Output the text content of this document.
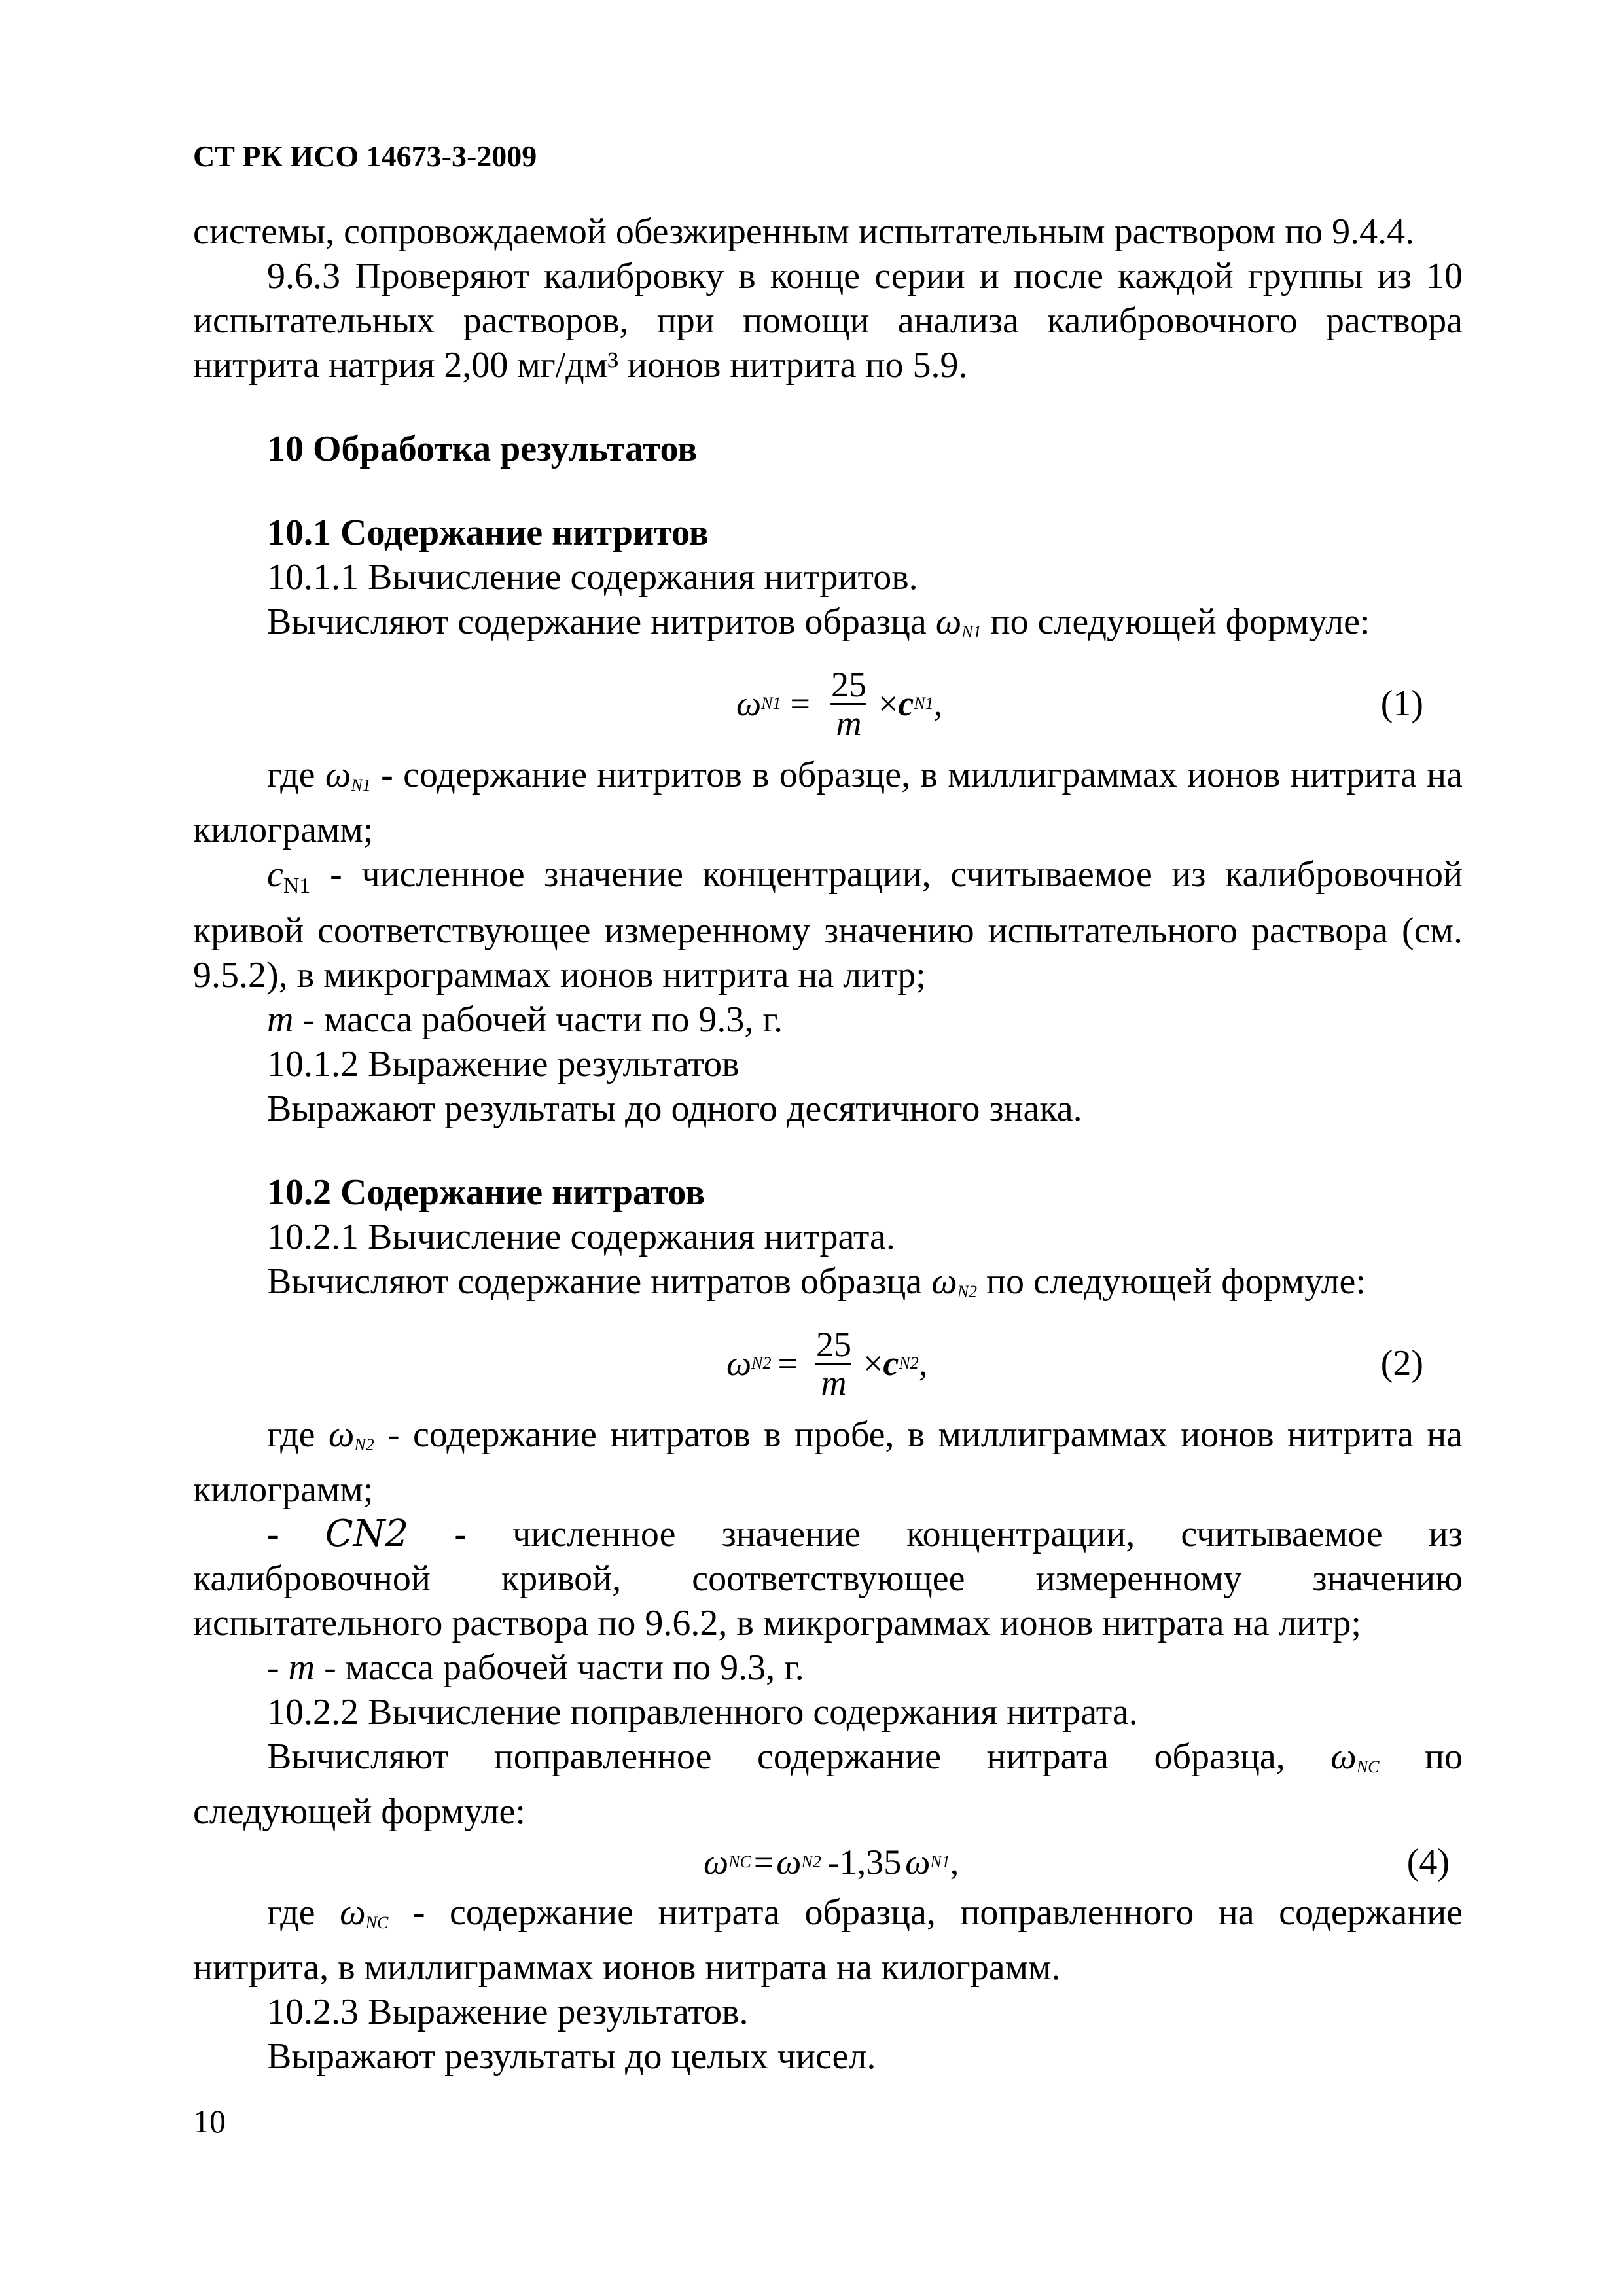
СТ РК ИСО 14673-3-2009

системы, сопровождаемой обезжиренным испытательным раствором по 9.4.4.

9.6.3 Проверяют калибровку в конце серии и после каждой группы из 10 испытательных растворов, при помощи анализа калибровочного раствора нитрита натрия 2,00 мг/дм³ ионов нитрита по 5.9.

10 Обработка результатов

10.1 Содержание нитритов

10.1.1 Вычисление содержания нитритов.

Вычисляют содержание нитритов образца $\omega_{N1}$ по следующей формуле:

ω $N1 = \frac{25}{m} \times c$ N1 ,	(1)

где $\omega_{N1}$ - содержание нитритов в образце, в миллиграммах ионов нитрита на килограмм;

cN1 - численное значение концентрации, считываемое из калибровочной кривой соответствующее измеренному значению испытательного раствора (см. 9.5.2), в микрограммах ионов нитрита на литр;

m - масса рабочей части по 9.3, г.

10.1.2 Выражение результатов

Выражают результаты до одного десятичного знака.

10.2 Содержание нитратов

10.2.1 Вычисление содержания нитрата.

Вычисляют содержание нитратов образца $\omega_{N2}$ по следующей формуле:

ω $N2 = \frac{25}{m} \times c$ N2 ,	(2)

где $\omega_{N2}$ - содержание нитратов в пробе, в миллиграммах ионов нитрита на килограмм;

- CN2 - численное значение концентрации, считываемое из
калибровочной кривой, соответствующее измеренному значению

испытательного раствора по 9.6.2, в микрограммах ионов нитрата на литр;

- m - масса рабочей части по 9.3, г.

10.2.2 Вычисление поправленного содержания нитрата.

Вычисляют поправленное содержание нитрата образца, $\omega_{NC}$ по

следующей формуле:

ω NC = ω N2 -1,35 ω N1 ,	(4)

где $\omega_{NC}$ - содержание нитрата образца, поправленного на содержание нитрита, в миллиграммах ионов нитрата на килограмм.

10.2.3 Выражение результатов.

Выражают результаты до целых чисел.

10
